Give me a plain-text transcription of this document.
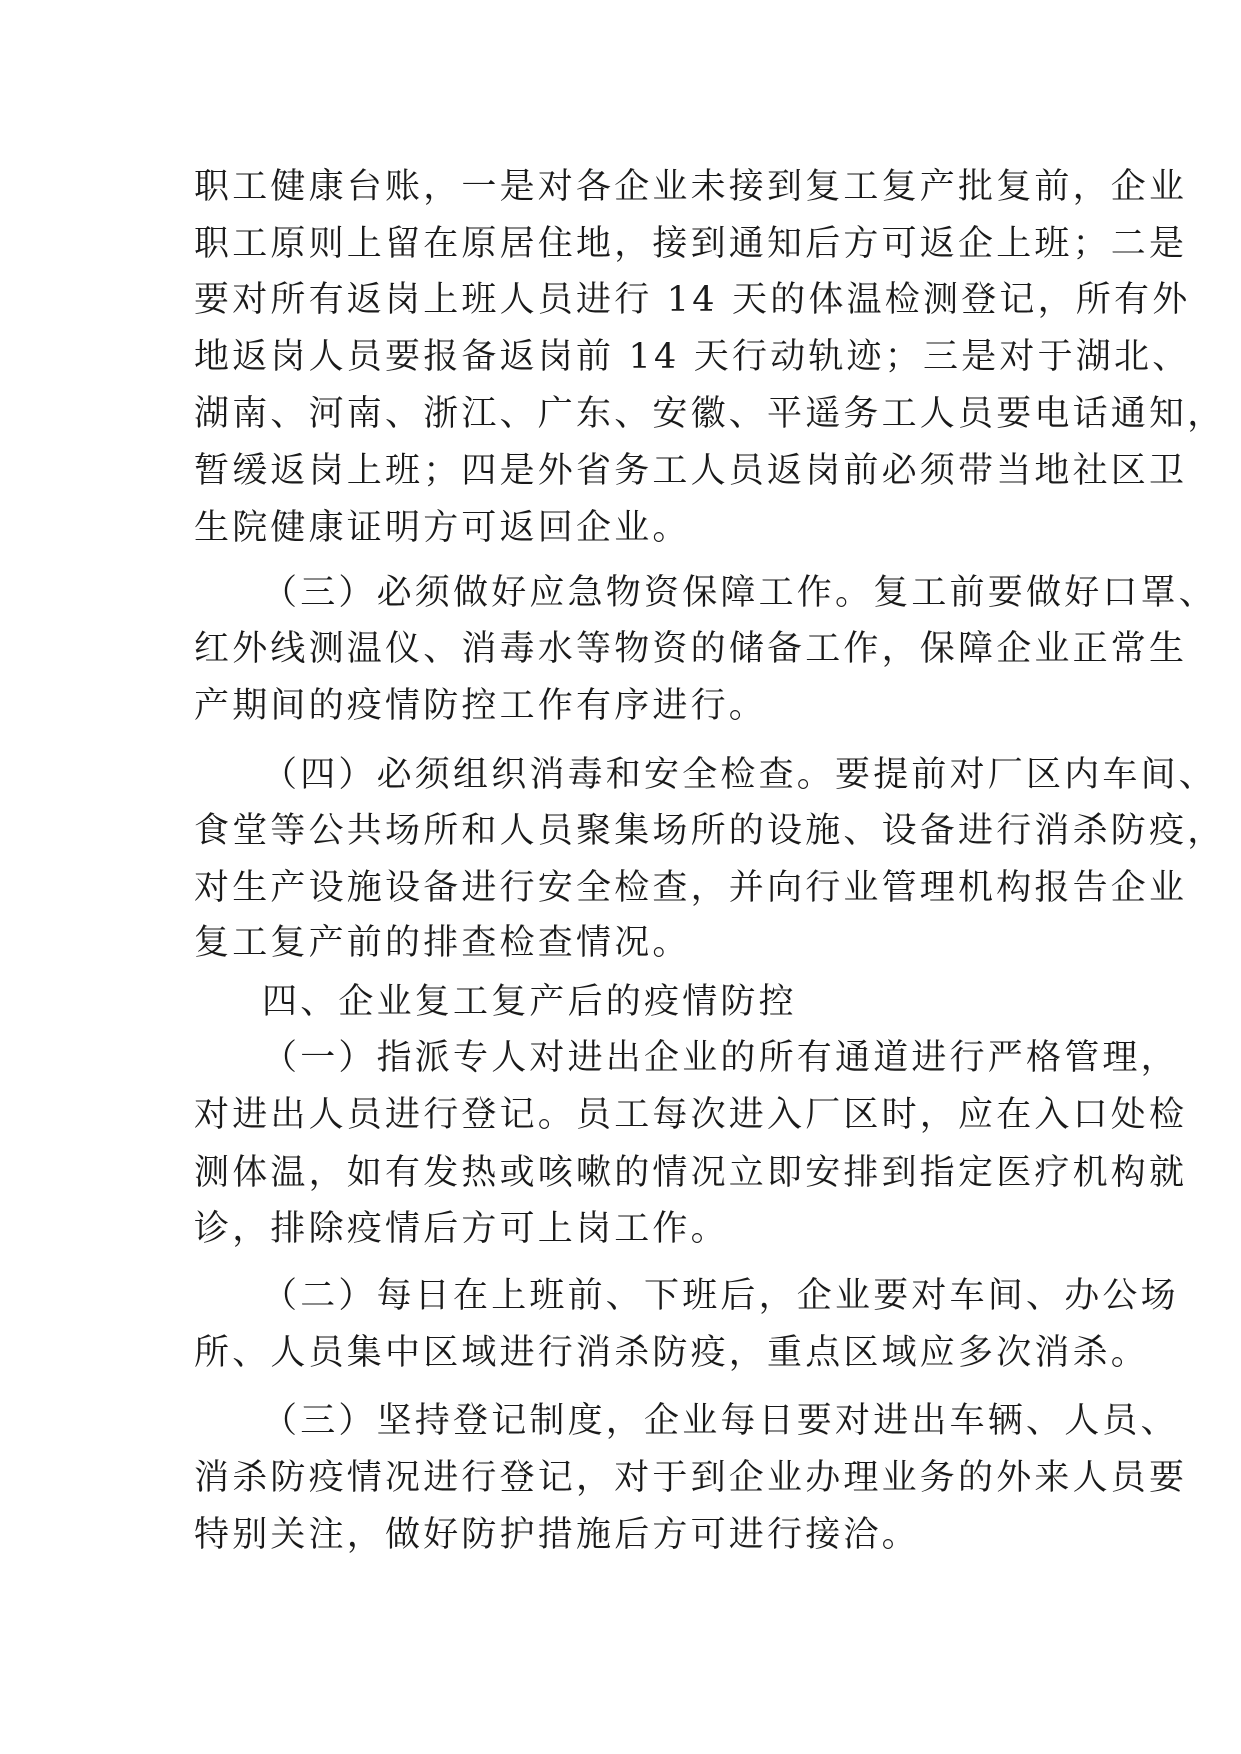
职工健康台账，一是对各企业未接到复工复产批复前，企业
职工原则上留在原居住地，接到通知后方可返企上班；二是
要对所有返岗上班人员进行 14 天的体温检测登记，所有外
地返岗人员要报备返岗前 14 天行动轨迹；三是对于湖北、
湖南、河南、浙江、广东、安徽、平遥务工人员要电话通知，
暂缓返岗上班；四是外省务工人员返岗前必须带当地社区卫
生院健康证明方可返回企业。
（三）必须做好应急物资保障工作。复工前要做好口罩、
红外线测温仪、消毒水等物资的储备工作，保障企业正常生
产期间的疫情防控工作有序进行。
（四）必须组织消毒和安全检查。要提前对厂区内车间、
食堂等公共场所和人员聚集场所的设施、设备进行消杀防疫，
对生产设施设备进行安全检查，并向行业管理机构报告企业
复工复产前的排查检查情况。
四、企业复工复产后的疫情防控
（一）指派专人对进出企业的所有通道进行严格管理，
对进出人员进行登记。员工每次进入厂区时，应在入口处检
测体温，如有发热或咳嗽的情况立即安排到指定医疗机构就
诊，排除疫情后方可上岗工作。
（二）每日在上班前、下班后，企业要对车间、办公场
所、人员集中区域进行消杀防疫，重点区域应多次消杀。
（三）坚持登记制度，企业每日要对进出车辆、人员、
消杀防疫情况进行登记，对于到企业办理业务的外来人员要
特别关注，做好防护措施后方可进行接洽。
